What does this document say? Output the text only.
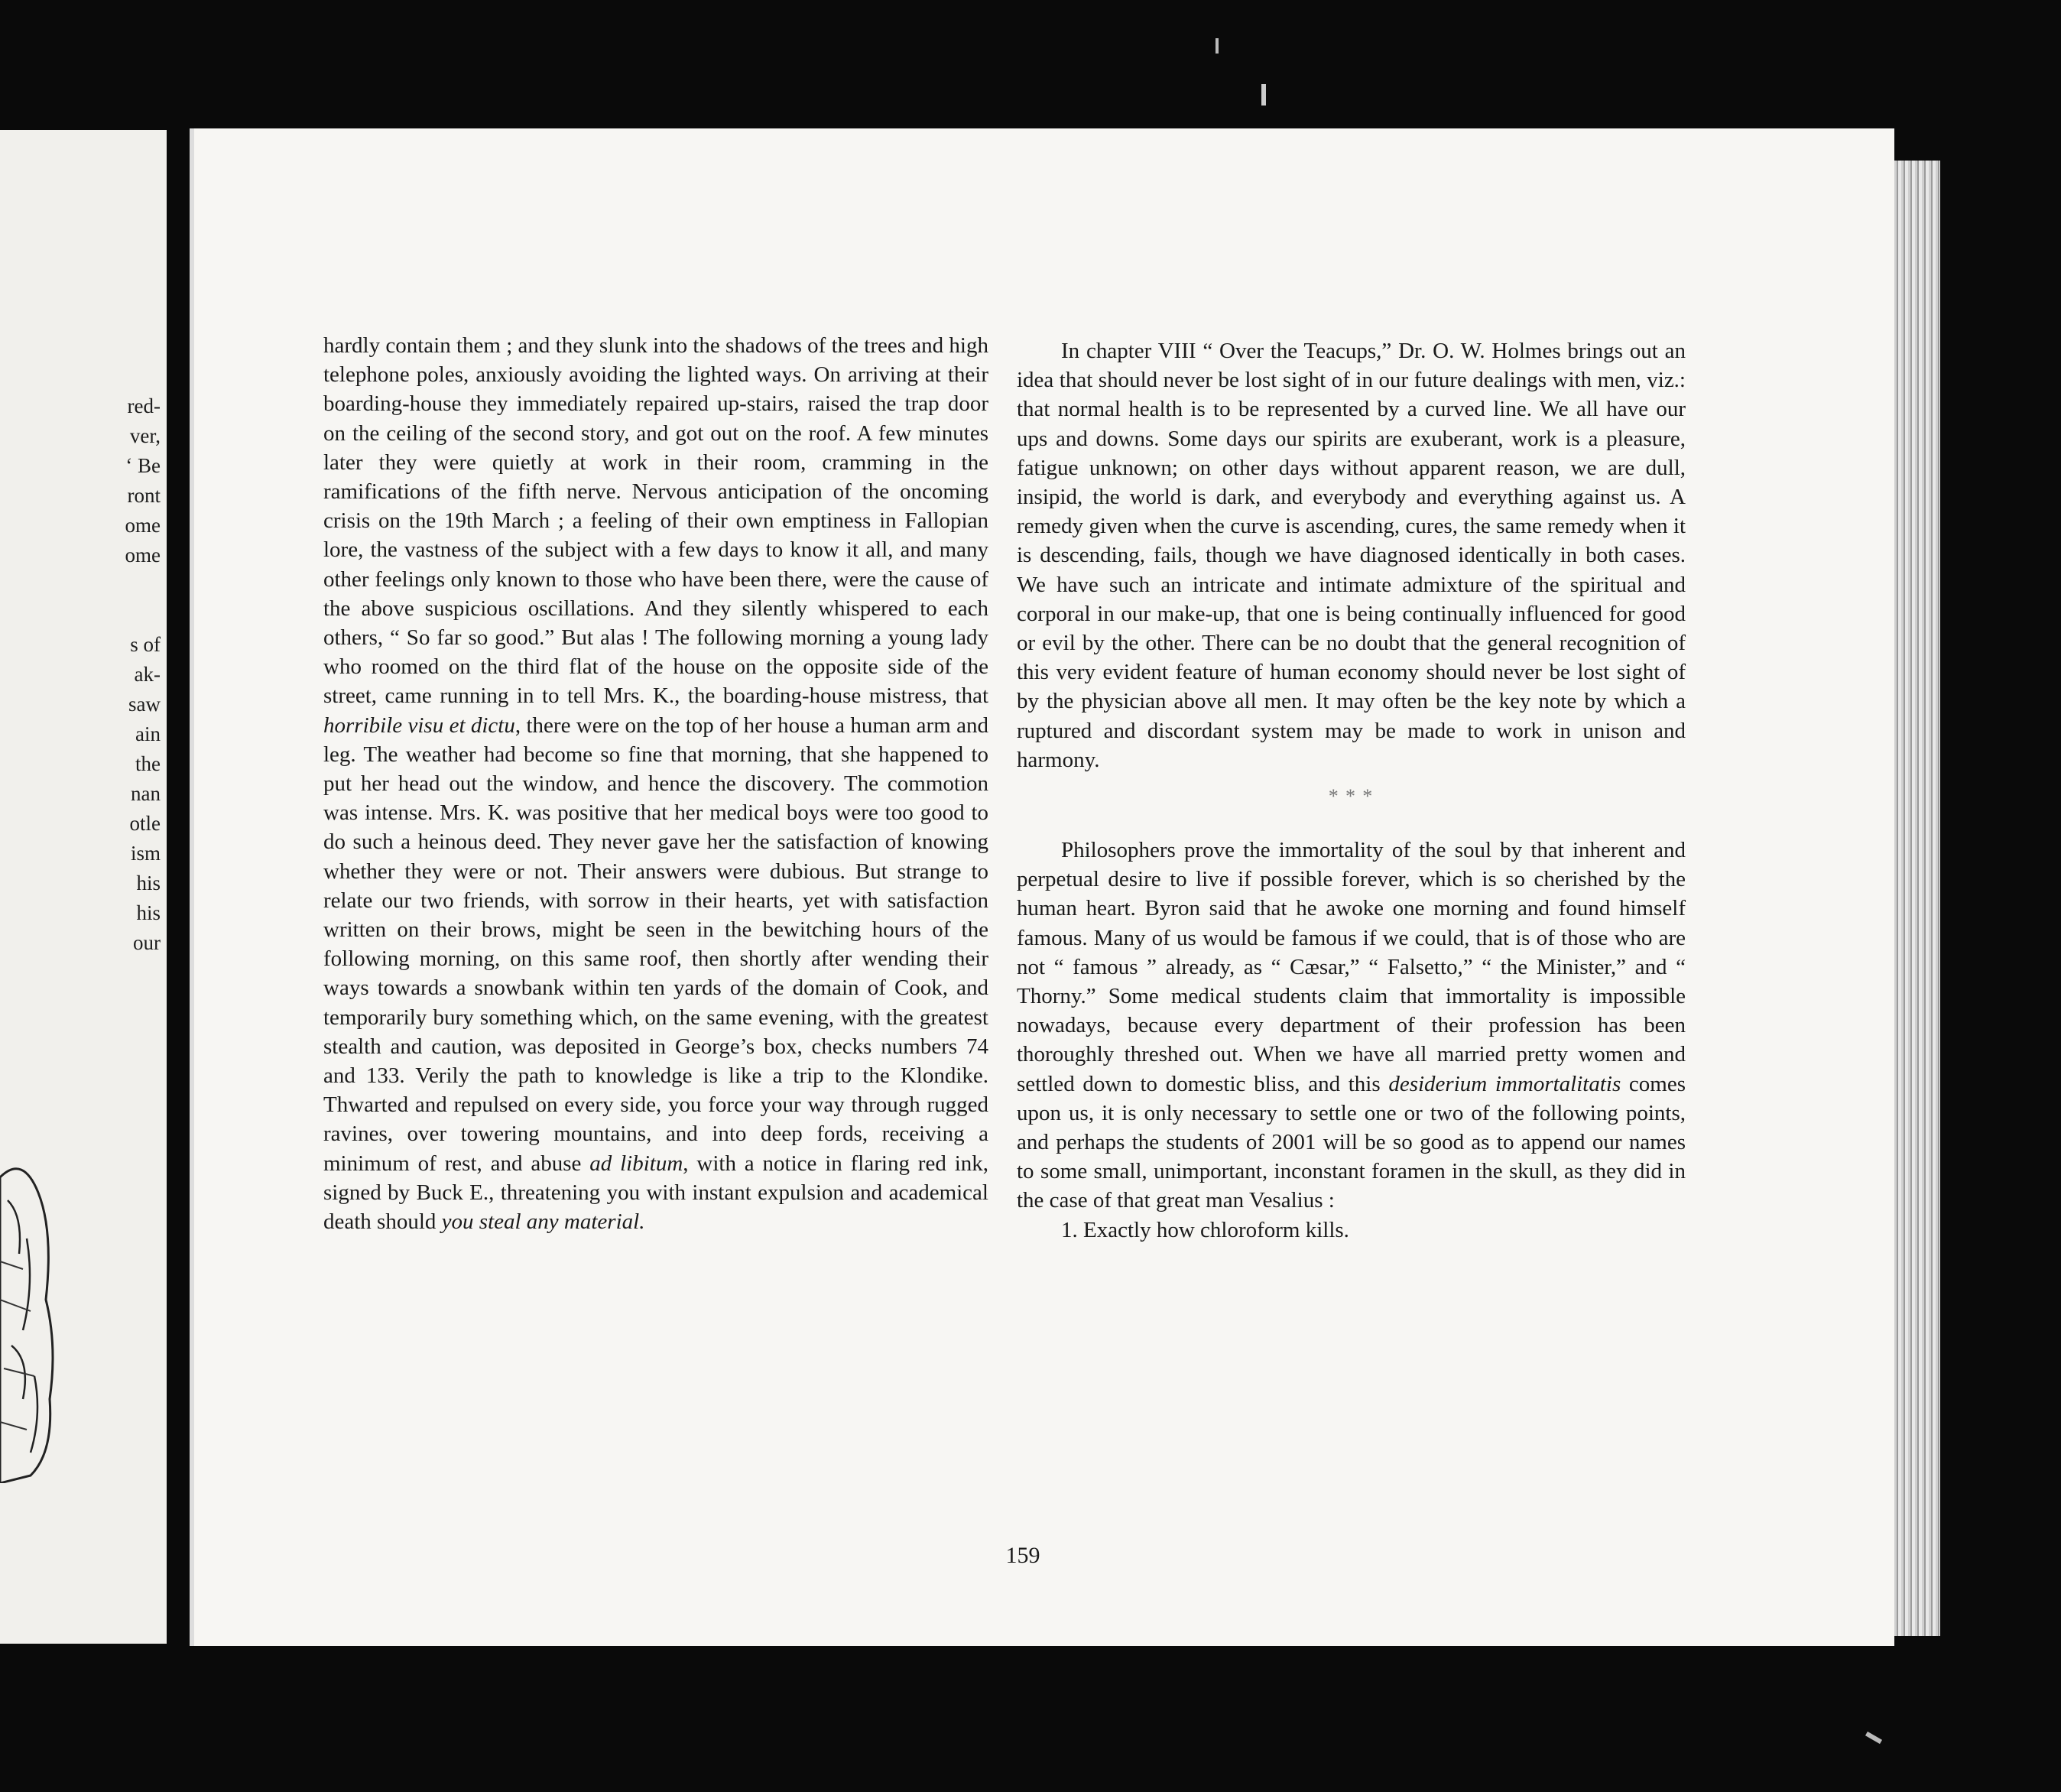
red-
ver,
‘ Be
ront
ome
ome

s of
ak-
saw
ain
the
nan
otle
ism
his
his
our

hardly contain them ; and they slunk into the shadows of the trees and high telephone poles, anxiously avoiding the lighted ways. On arriving at their boarding-house they immediately repaired up-stairs, raised the trap door on the ceiling of the second story, and got out on the roof. A few minutes later they were quietly at work in their room, cramming in the ramifications of the fifth nerve. Nervous anticipation of the oncoming crisis on the 19th March ; a feeling of their own emptiness in Fallopian lore, the vastness of the subject with a few days to know it all, and many other feelings only known to those who have been there, were the cause of the above suspicious oscillations. And they silently whispered to each others, “ So far so good.” But alas ! The following morning a young lady who roomed on the third flat of the house on the opposite side of the street, came running in to tell Mrs. K., the boarding-house mistress, that horribile visu et dictu, there were on the top of her house a human arm and leg. The weather had become so fine that morning, that she happened to put her head out the window, and hence the discovery. The commotion was intense. Mrs. K. was positive that her medical boys were too good to do such a heinous deed. They never gave her the satisfaction of knowing whether they were or not. Their answers were dubious. But strange to relate our two friends, with sorrow in their hearts, yet with satisfaction written on their brows, might be seen in the bewitching hours of the following morning, on this same roof, then shortly after wending their ways towards a snowbank within ten yards of the domain of Cook, and temporarily bury something which, on the same evening, with the greatest stealth and caution, was deposited in George’s box, checks numbers 74 and 133. Verily the path to knowledge is like a trip to the Klondike. Thwarted and repulsed on every side, you force your way through rugged ravines, over towering mountains, and into deep fords, receiving a minimum of rest, and abuse ad libitum, with a notice in flaring red ink, signed by Buck E., threatening you with instant expulsion and academical death should you steal any material.

In chapter VIII “ Over the Teacups,” Dr. O. W. Holmes brings out an idea that should never be lost sight of in our future dealings with men, viz.: that normal health is to be represented by a curved line. We all have our ups and downs. Some days our spirits are exuberant, work is a pleasure, fatigue unknown; on other days without apparent reason, we are dull, insipid, the world is dark, and everybody and everything against us. A remedy given when the curve is ascending, cures, the same remedy when it is descending, fails, though we have diagnosed identically in both cases. We have such an intricate and intimate admixture of the spiritual and corporal in our make-up, that one is being continually influenced for good or evil by the other. There can be no doubt that the general recognition of this very evident feature of human economy should never be lost sight of by the physician above all men. It may often be the key note by which a ruptured and discordant system may be made to work in unison and harmony.

* * *

Philosophers prove the immortality of the soul by that inherent and perpetual desire to live if possible forever, which is so cherished by the human heart. Byron said that he awoke one morning and found himself famous. Many of us would be famous if we could, that is of those who are not “ famous ” already, as “ Cæsar,” “ Falsetto,” “ the Minister,” and “ Thorny.” Some medical students claim that immortality is impossible nowadays, because every department of their profession has been thoroughly threshed out. When we have all married pretty women and settled down to domestic bliss, and this desiderium immortalitatis comes upon us, it is only necessary to settle one or two of the following points, and perhaps the students of 2001 will be so good as to append our names to some small, unimportant, inconstant foramen in the skull, as they did in the case of that great man Vesalius :

1. Exactly how chloroform kills.

159
